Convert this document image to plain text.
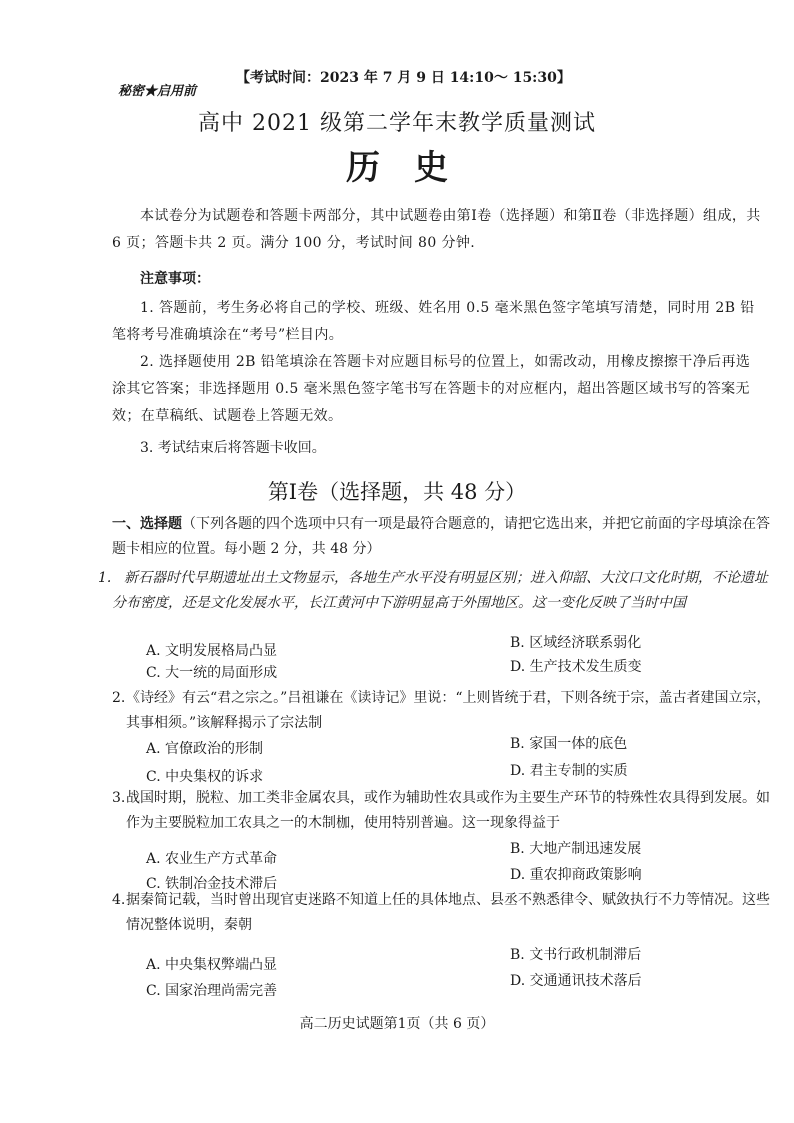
秘密★启用前
【考试时间：2023 年 7 月 9 日 14:10～ 15:30】
高中 2021 级第二学年末教学质量测试
历史
本试卷分为试题卷和答题卡两部分，其中试题卷由第Ⅰ卷（选择题）和第Ⅱ卷（非选择题）组成，共 6 页；答题卡共 2 页。满分 100 分，考试时间 80 分钟.
注意事项：
1. 答题前，考生务必将自己的学校、班级、姓名用 0.5 毫米黑色签字笔填写清楚，同时用 2B 铅笔将考号准确填涂在“考号”栏目内。
2. 选择题使用 2B 铅笔填涂在答题卡对应题目标号的位置上，如需改动，用橡皮擦擦干净后再选涂其它答案；非选择题用 0.5 毫米黑色签字笔书写在答题卡的对应框内，超出答题区域书写的答案无效；在草稿纸、试题卷上答题无效。
3. 考试结束后将答题卡收回。
第Ⅰ卷（选择题，共 48 分）
一、选择题（下列各题的四个选项中只有一项是最符合题意的，请把它选出来，并把它前面的字母填涂在答题卡相应的位置。每小题 2 分，共 48 分）
1. 新石器时代早期遗址出土文物显示，各地生产水平没有明显区别；进入仰韶、大汶口文化时期，不论遗址分布密度，还是文化发展水平，长江黄河中下游明显高于外围地区。这一变化反映了当时中国
A. 文明发展格局凸显	B. 区域经济联系弱化
C. 大一统的局面形成	D. 生产技术发生质变
2. 《诗经》有云“君之宗之。”吕祖谦在《读诗记》里说：“上则皆统于君，下则各统于宗，盖古者建国立宗，其事相须。”该解释揭示了宗法制
A. 官僚政治的形制	B. 家国一体的底色
C. 中央集权的诉求	D. 君主专制的实质
3. 战国时期，脱粒、加工类非金属农具，或作为辅助性农具或作为主要生产环节的特殊性农具得到发展。如作为主要脱粒加工农具之一的木制枷，使用特别普遍。这一现象得益于
A. 农业生产方式革命
B. 大地产制迅速发展
C. 铁制冶金技术滞后
D. 重农抑商政策影响
4. 据秦简记载，当时曾出现官吏迷路不知道上任的具体地点、县丞不熟悉律令、赋敛执行不力等情况。这些情况整体说明，秦朝
A. 中央集权弊端凸显
B. 文书行政机制滞后
C. 国家治理尚需完善
D. 交通通讯技术落后
高二历史试题第1页（共 6 页）
